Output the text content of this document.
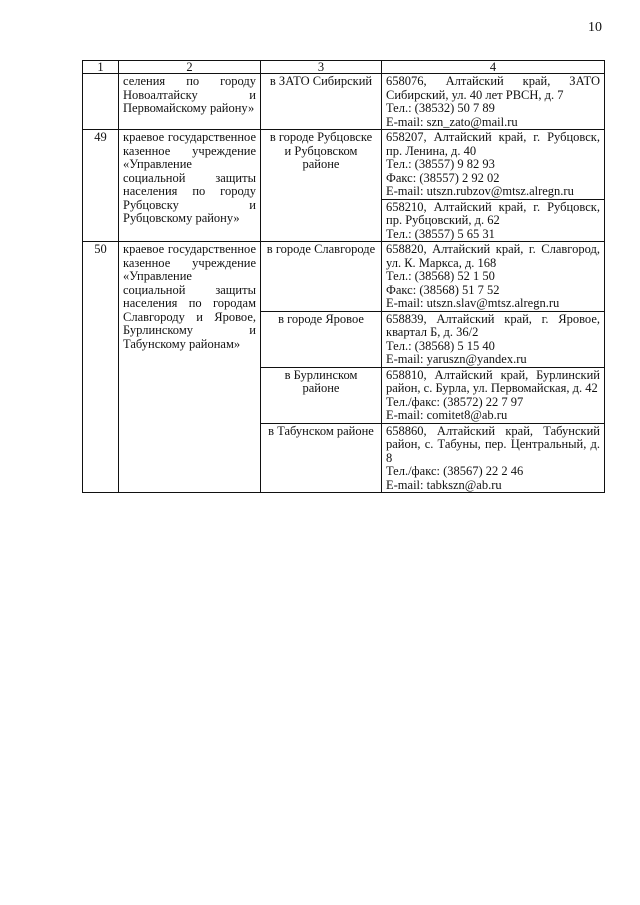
10
1	2	3	4
	селения по городу Новоалтайску и Первомайскому району»	в ЗАТО Сибирский	658076, Алтайский край, ЗАТО Сибирский, ул. 40 лет РВСН, д. 7
Тел.: (38532) 50 7 89
E-mail: szn_zato@mail.ru
49	краевое государственное казенное учреждение «Управление социальной защиты населения по городу Рубцовску и Рубцовскому району»	в городе Рубцовске и Рубцовском районе	658207, Алтайский край, г. Рубцовск, пр. Ленина, д. 40
Тел.: (38557) 9 82 93
Факс: (38557) 2 92 02
E-mail: utszn.rubzov@mtsz.alregn.ru
			658210, Алтайский край, г. Рубцовск, пр. Рубцовский, д. 62
Тел.: (38557) 5 65 31
50	краевое государственное казенное учреждение «Управление социальной защиты населения по городам Славгороду и Яровое, Бурлинскому и Табунскому районам»	в городе Славгороде	658820, Алтайский край, г. Славгород, ул. К. Маркса, д. 168
Тел.: (38568) 52 1 50
Факс: (38568) 51 7 52
E-mail: utszn.slav@mtsz.alregn.ru
		в городе Яровое	658839, Алтайский край, г. Яровое, квартал Б, д. 36/2
Тел.: (38568) 5 15 40
E-mail: yaruszn@yandex.ru
		в Бурлинском районе	658810, Алтайский край, Бурлинский район, с. Бурла, ул. Первомайская, д. 42
Тел./факс: (38572) 22 7 97
E-mail: comitet8@ab.ru
		в Табунском районе	658860, Алтайский край, Табунский район, с. Табуны, пер. Центральный, д. 8
Тел./факс: (38567) 22 2 46
E-mail: tabkszn@ab.ru
